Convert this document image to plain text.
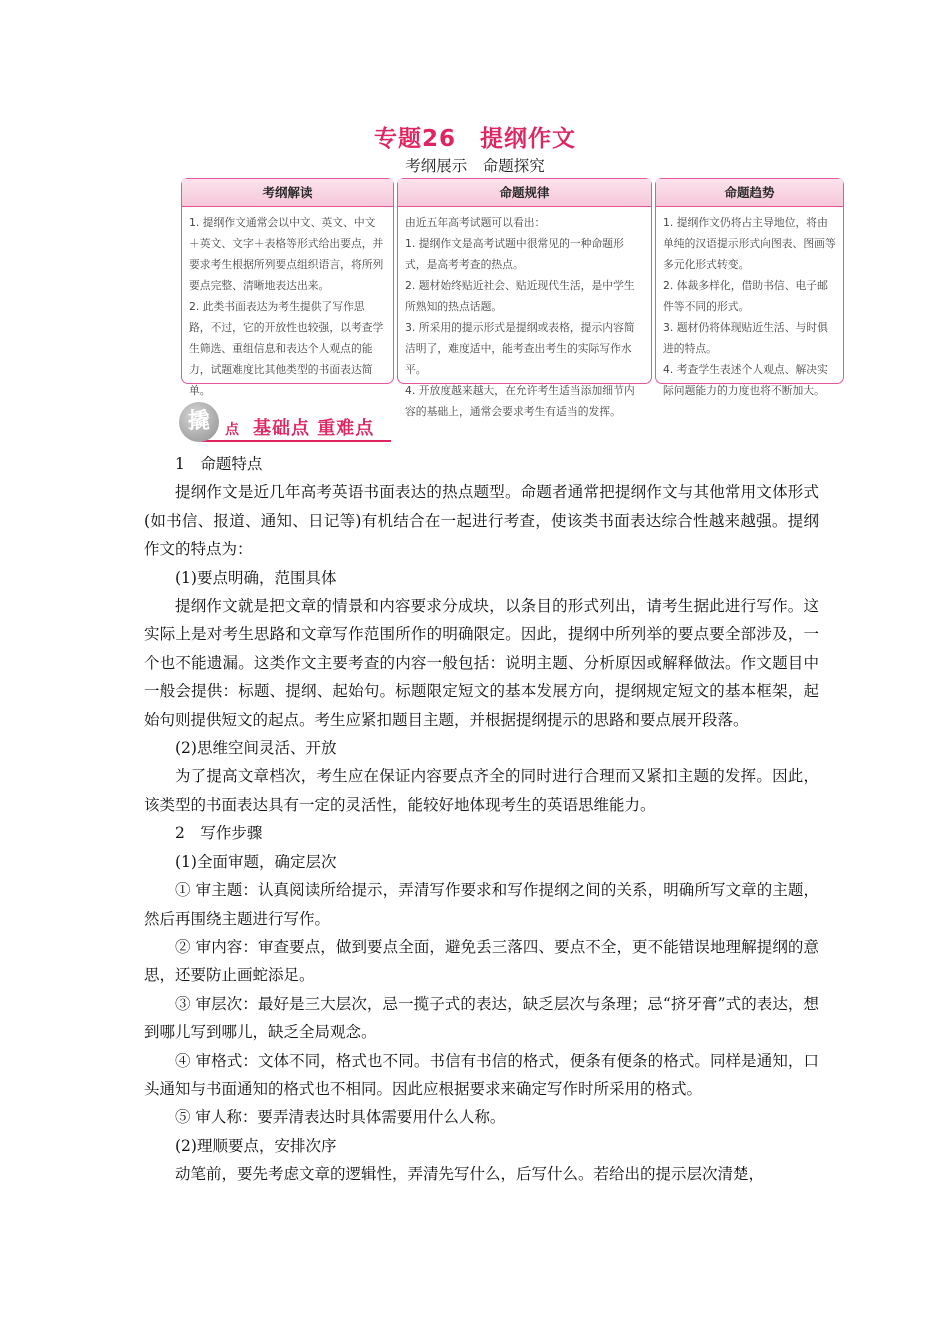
专题26　提纲作文
考纲展示　命题探究
考纲解读

1. 提纲作文通常会以中文、英文、中文＋英文、文字＋表格等形式给出要点，并要求考生根据所列要点组织语言，将所列要点完整、清晰地表达出来。

2. 此类书面表达为考生提供了写作思路，不过，它的开放性也较强，以考查学生筛选、重组信息和表达个人观点的能力，试题难度比其他类型的书面表达简单。

命题规律

由近五年高考试题可以看出：

1. 提纲作文是高考试题中很常见的一种命题形式，是高考考查的热点。

2. 题材始终贴近社会、贴近现代生活，是中学生所熟知的热点话题。

3. 所采用的提示形式是提纲或表格，提示内容简洁明了，难度适中，能考查出考生的实际写作水平。

4. 开放度越来越大，在允许考生适当添加细节内容的基础上，通常会要求考生有适当的发挥。

命题趋势

1. 提纲作文仍将占主导地位，将由单纯的汉语提示形式向图表、图画等多元化形式转变。

2. 体裁多样化，借助书信、电子邮件等不同的形式。

3. 题材仍将体现贴近生活、与时俱进的特点。

4. 考查学生表述个人观点、解决实际问题能力的力度也将不断加大。

点 基础点 重难点
撬

1　命题特点

提纲作文是近几年高考英语书面表达的热点题型。命题者通常把提纲作文与其他常用文体形式(如书信、报道、通知、日记等)有机结合在一起进行考查，使该类书面表达综合性越来越强。提纲作文的特点为：

(1)要点明确，范围具体

提纲作文就是把文章的情景和内容要求分成块，以条目的形式列出，请考生据此进行写作。这实际上是对考生思路和文章写作范围所作的明确限定。因此，提纲中所列举的要点要全部涉及，一个也不能遗漏。这类作文主要考查的内容一般包括：说明主题、分析原因或解释做法。作文题目中一般会提供：标题、提纲、起始句。标题限定短文的基本发展方向，提纲规定短文的基本框架，起始句则提供短文的起点。考生应紧扣题目主题，并根据提纲提示的思路和要点展开段落。

(2)思维空间灵活、开放

为了提高文章档次，考生应在保证内容要点齐全的同时进行合理而又紧扣主题的发挥。因此，该类型的书面表达具有一定的灵活性，能较好地体现考生的英语思维能力。

2　写作步骤

(1)全面审题，确定层次

① 审主题：认真阅读所给提示，弄清写作要求和写作提纲之间的关系，明确所写文章的主题，然后再围绕主题进行写作。

② 审内容：审查要点，做到要点全面，避免丢三落四、要点不全，更不能错误地理解提纲的意思，还要防止画蛇添足。

③ 审层次：最好是三大层次，忌一揽子式的表达，缺乏层次与条理；忌“挤牙膏”式的表达，想到哪儿写到哪儿，缺乏全局观念。

④ 审格式：文体不同，格式也不同。书信有书信的格式，便条有便条的格式。同样是通知，口头通知与书面通知的格式也不相同。因此应根据要求来确定写作时所采用的格式。

⑤ 审人称：要弄清表达时具体需要用什么人称。

(2)理顺要点，安排次序

动笔前，要先考虑文章的逻辑性，弄清先写什么，后写什么。若给出的提示层次清楚，
